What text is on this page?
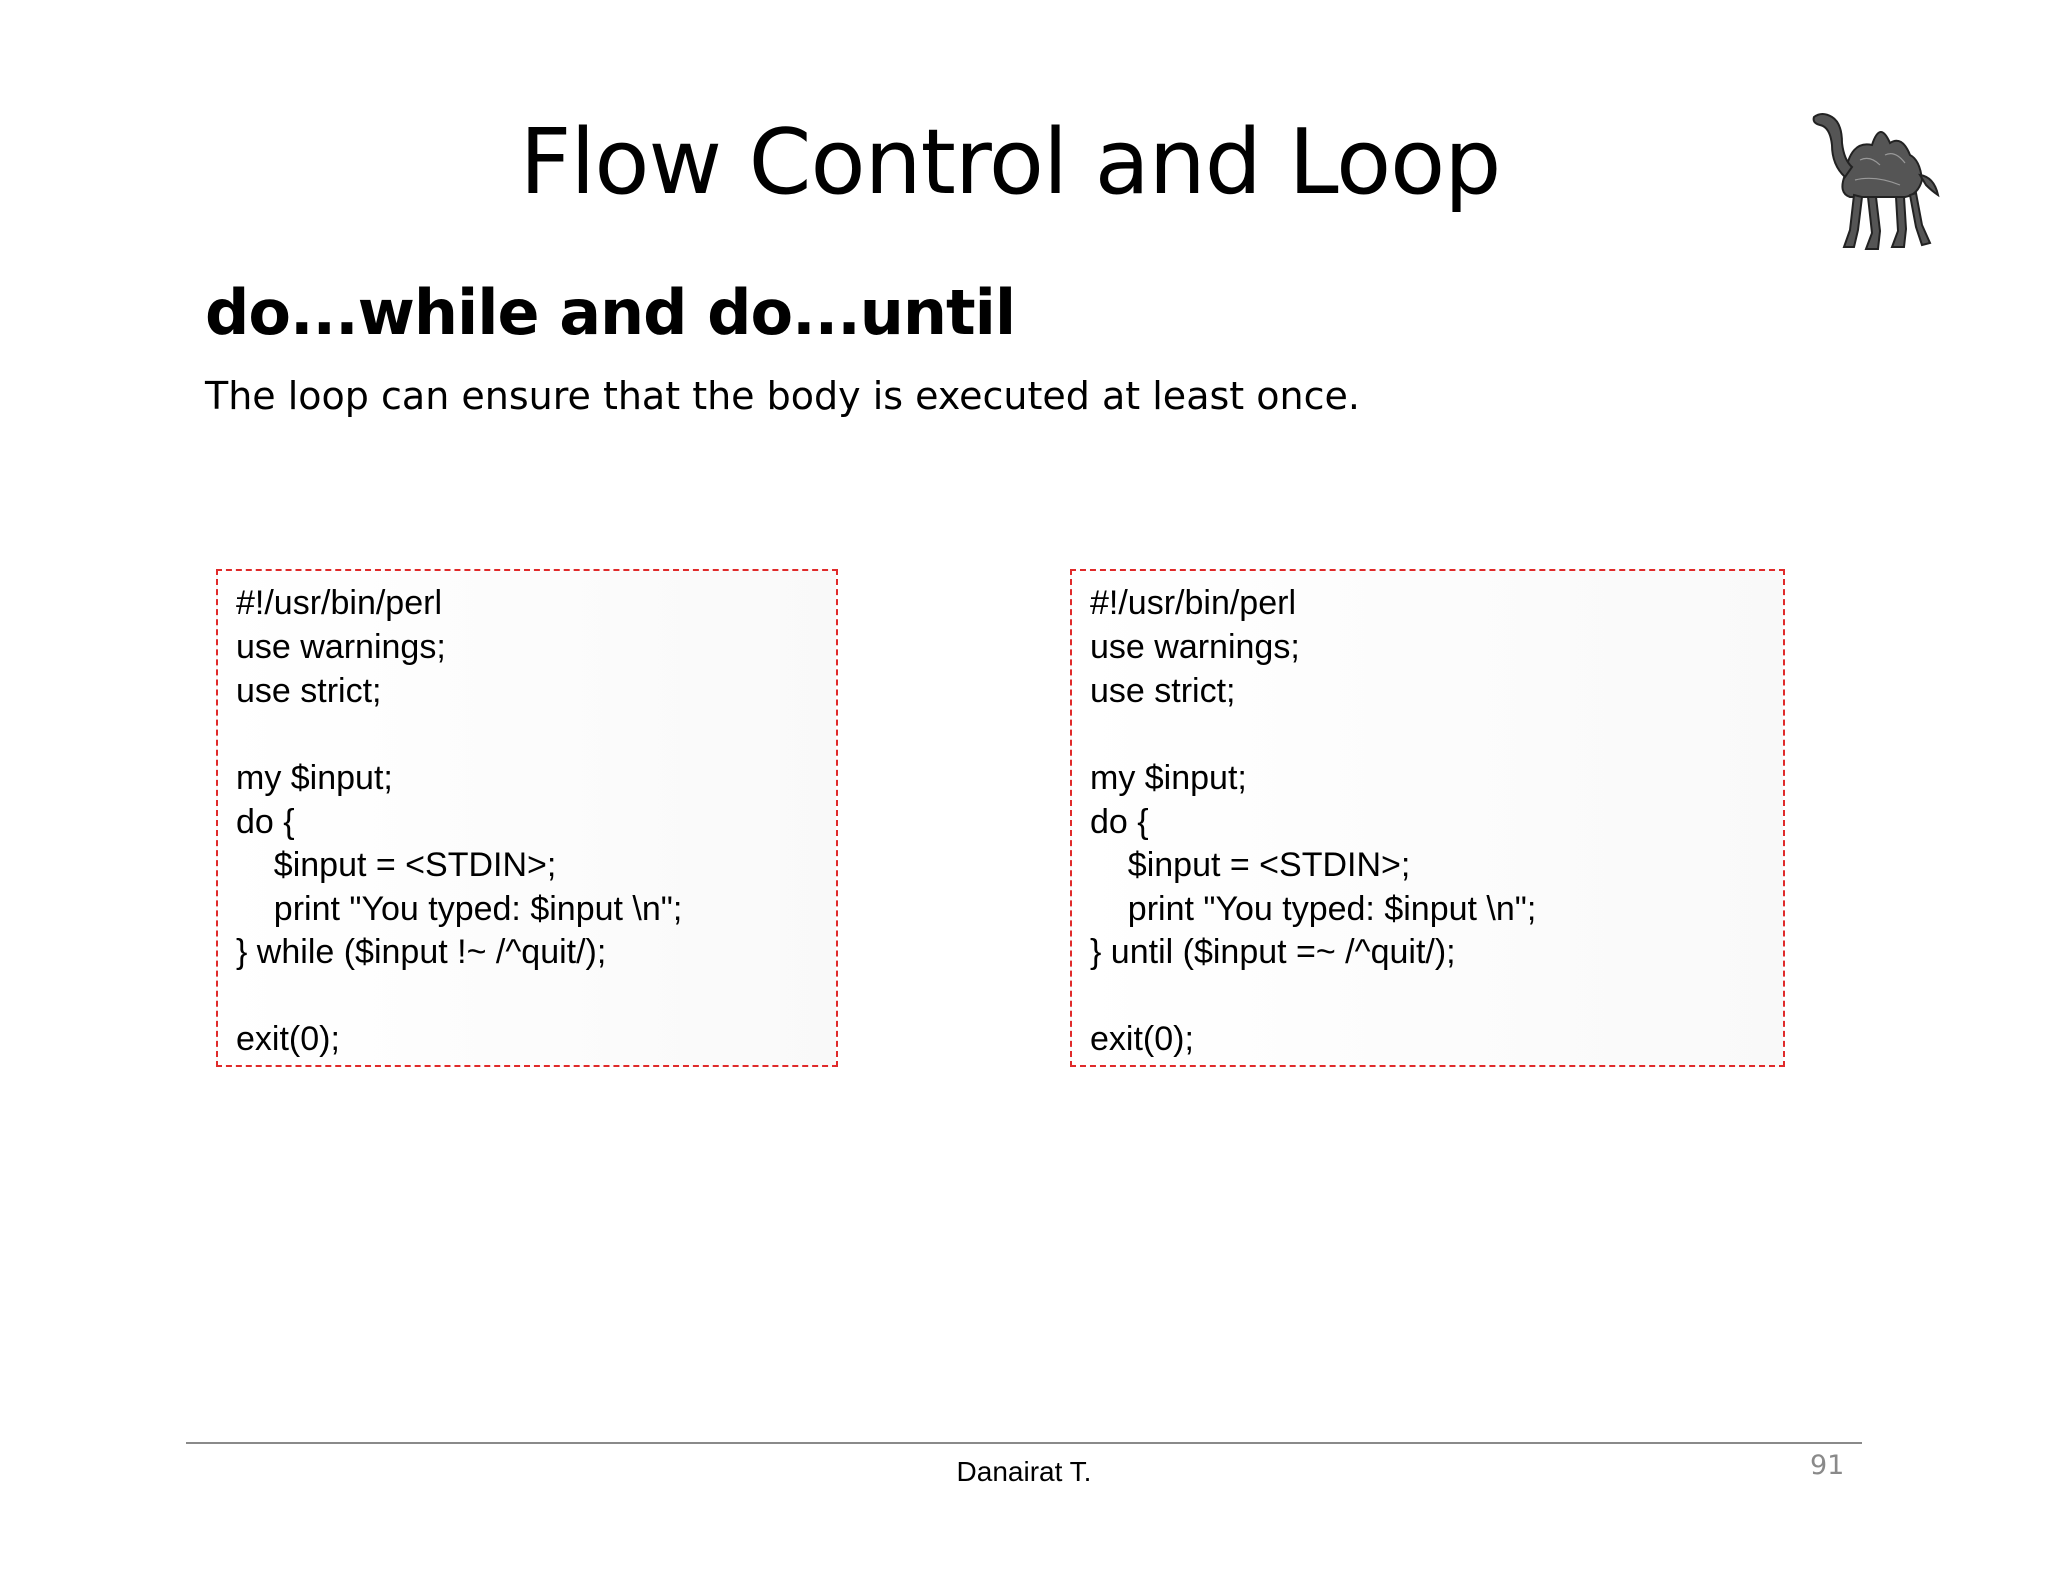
Flow Control and Loop
do...while and do...until

The loop can ensure that the body is executed at least once.

#!/usr/bin/perl
use warnings;
use strict;
my $input;
do {
$input = <STDIN>;
print "You typed: $input \n";
} while ($input !~ /^quit/);
exit(0);
#!/usr/bin/perl
use warnings;
use strict;
my $input;
do {
$input = <STDIN>;
print "You typed: $input \n";
} until ($input =~ /^quit/);
exit(0);
Danairat T.	91
